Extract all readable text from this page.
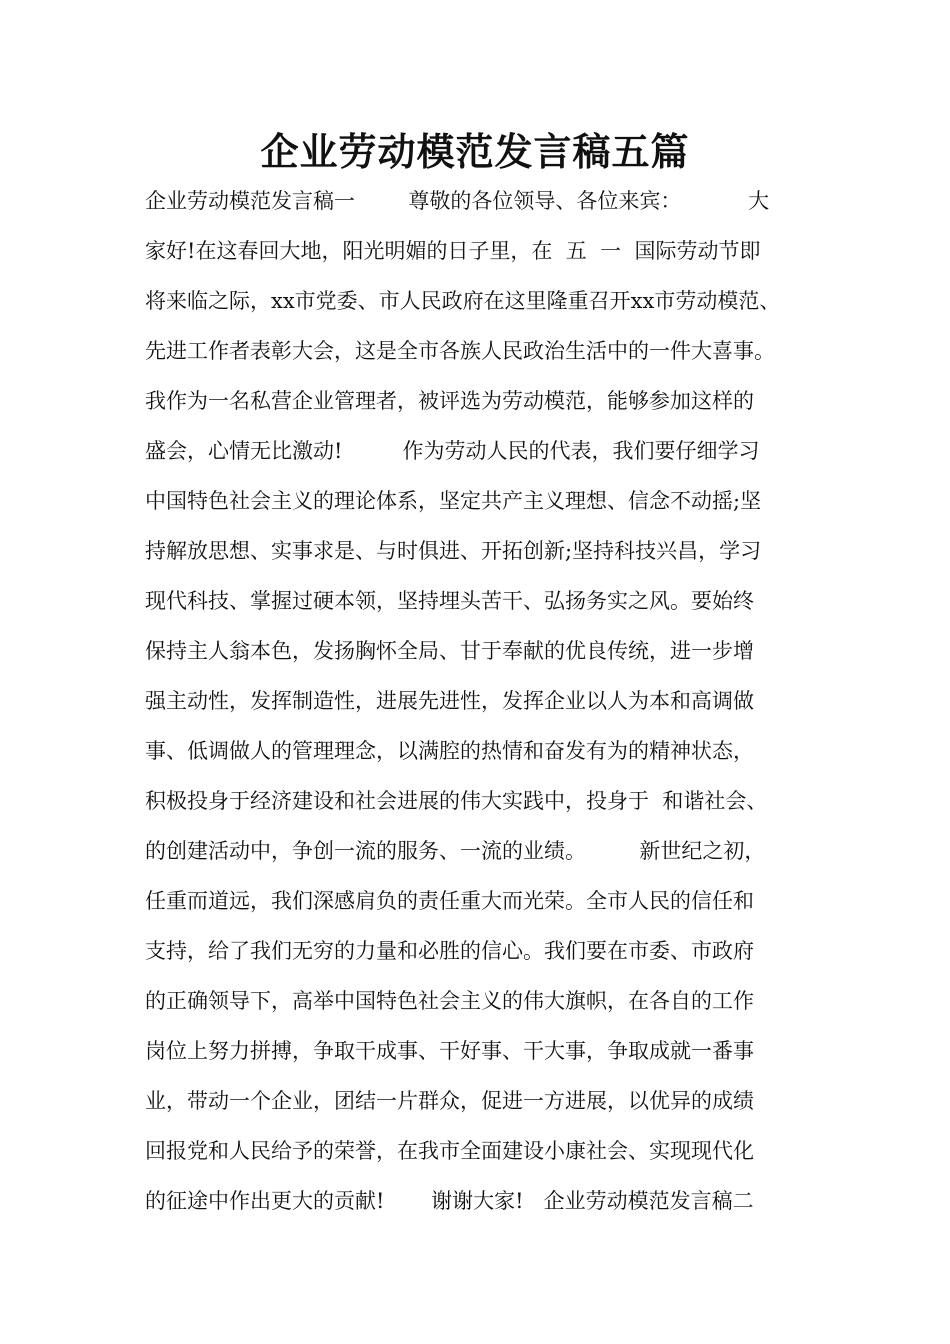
企业劳动模范发言稿五篇
企业劳动模范发言稿一        尊敬的各位领导、各位来宾：          大
家好!在这春回大地，阳光明媚的日子里，在  五  一  国际劳动节即
将来临之际，xx市党委、市人民政府在这里隆重召开xx市劳动模范、
先进工作者表彰大会，这是全市各族人民政治生活中的一件大喜事。
我作为一名私营企业管理者，被评选为劳动模范，能够参加这样的
盛会，心情无比激动!         作为劳动人民的代表，我们要仔细学习
中国特色社会主义的理论体系，坚定共产主义理想、信念不动摇;坚
持解放思想、实事求是、与时俱进、开拓创新;坚持科技兴昌，学习
现代科技、掌握过硬本领，坚持埋头苦干、弘扬务实之风。要始终
保持主人翁本色，发扬胸怀全局、甘于奉献的优良传统，进一步增
强主动性，发挥制造性，进展先进性，发挥企业以人为本和高调做
事、低调做人的管理理念，以满腔的热情和奋发有为的精神状态，
积极投身于经济建设和社会进展的伟大实践中，投身于  和谐社会、
的创建活动中，争创一流的服务、一流的业绩。        新世纪之初，
任重而道远，我们深感肩负的责任重大而光荣。全市人民的信任和
支持，给了我们无穷的力量和必胜的信心。我们要在市委、市政府
的正确领导下，高举中国特色社会主义的伟大旗帜，在各自的工作
岗位上努力拼搏，争取干成事、干好事、干大事，争取成就一番事
业，带动一个企业，团结一片群众，促进一方进展，以优异的成绩
回报党和人民给予的荣誉，在我市全面建设小康社会、实现现代化
的征途中作出更大的贡献!       谢谢大家!   企业劳动模范发言稿二
